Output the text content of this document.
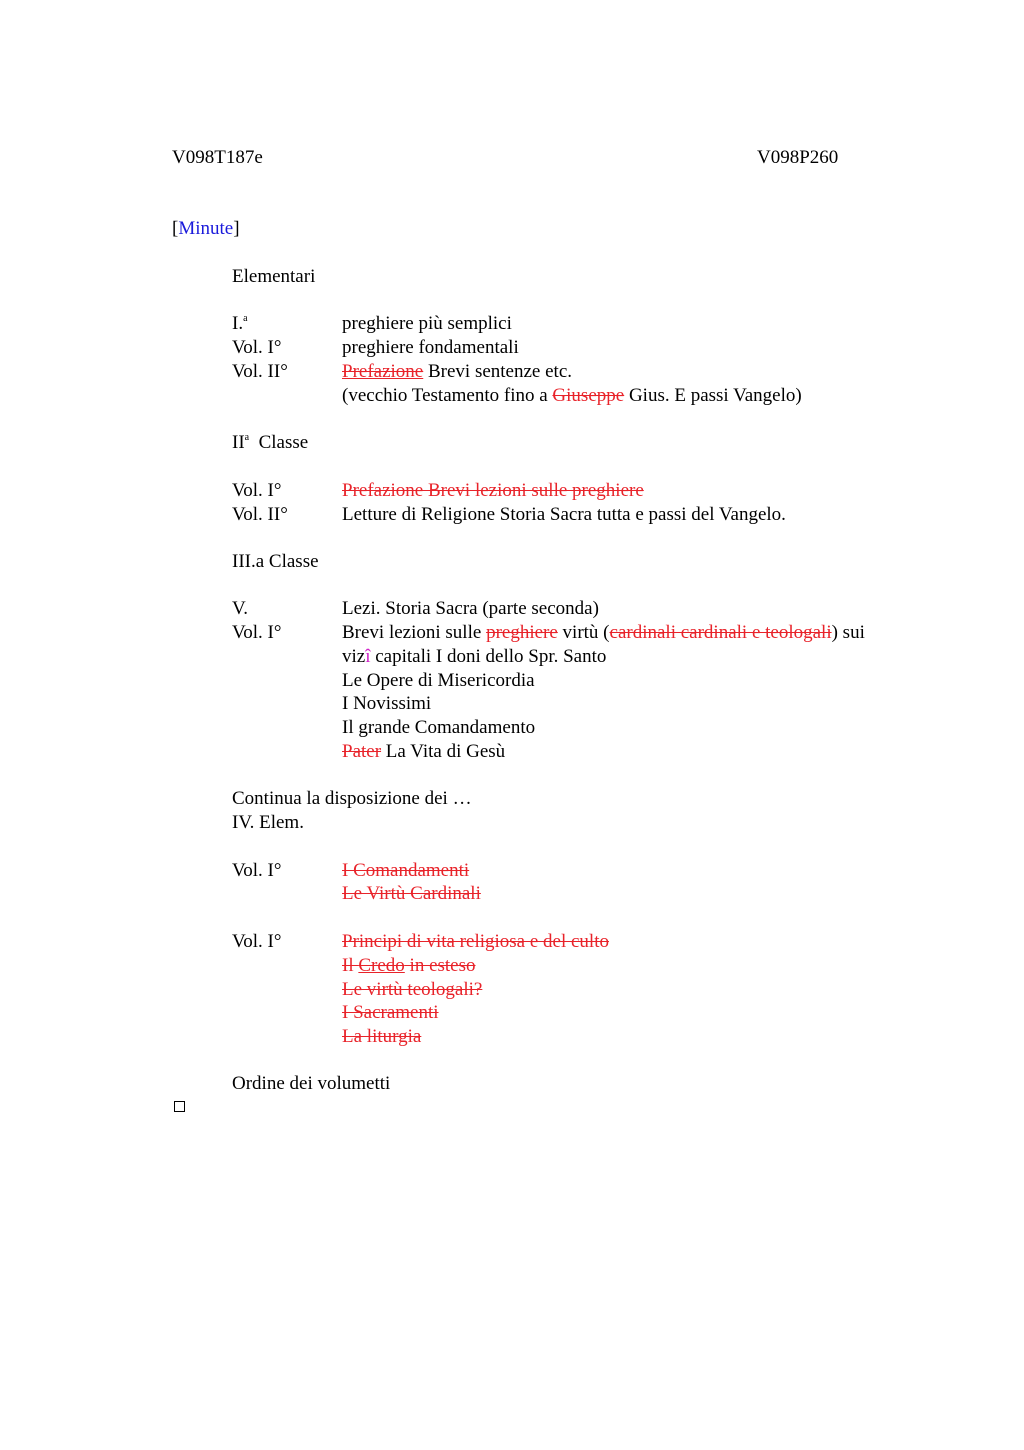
V098T187e	V098P260
[Minute]
Elementari
I.$^a$	preghiere più semplici
Vol. I°	preghiere fondamentali
Vol. II°	Prefazione Brevi sentenze etc.
(vecchio Testamento fino a Giuseppe Gius. E passi Vangelo)
$II^a$ Classe
Vol. I°	Prefazione Brevi lezioni sulle preghiere
Vol. II°	Letture di Religione Storia Sacra tutta e passi del Vangelo.
III.a Classe
V.	Lezi. Storia Sacra (parte seconda)
Vol. I°	Brevi lezioni sulle preghiere virtù (cardinali cardinali e teologali) sui
vizî capitali I doni dello Spr. Santo
Le Opere di Misericordia
I Novissimi
Il grande Comandamento
Pater La Vita di Gesù
Continua la disposizione dei …
IV. Elem.
Vol. I°	I Comandamenti
Le Virtù Cardinali
Vol. I°	Principi di vita religiosa e del culto
Il Credo in esteso
Le virtù teologali?
I Sacramenti
La liturgia
Ordine dei volumetti
